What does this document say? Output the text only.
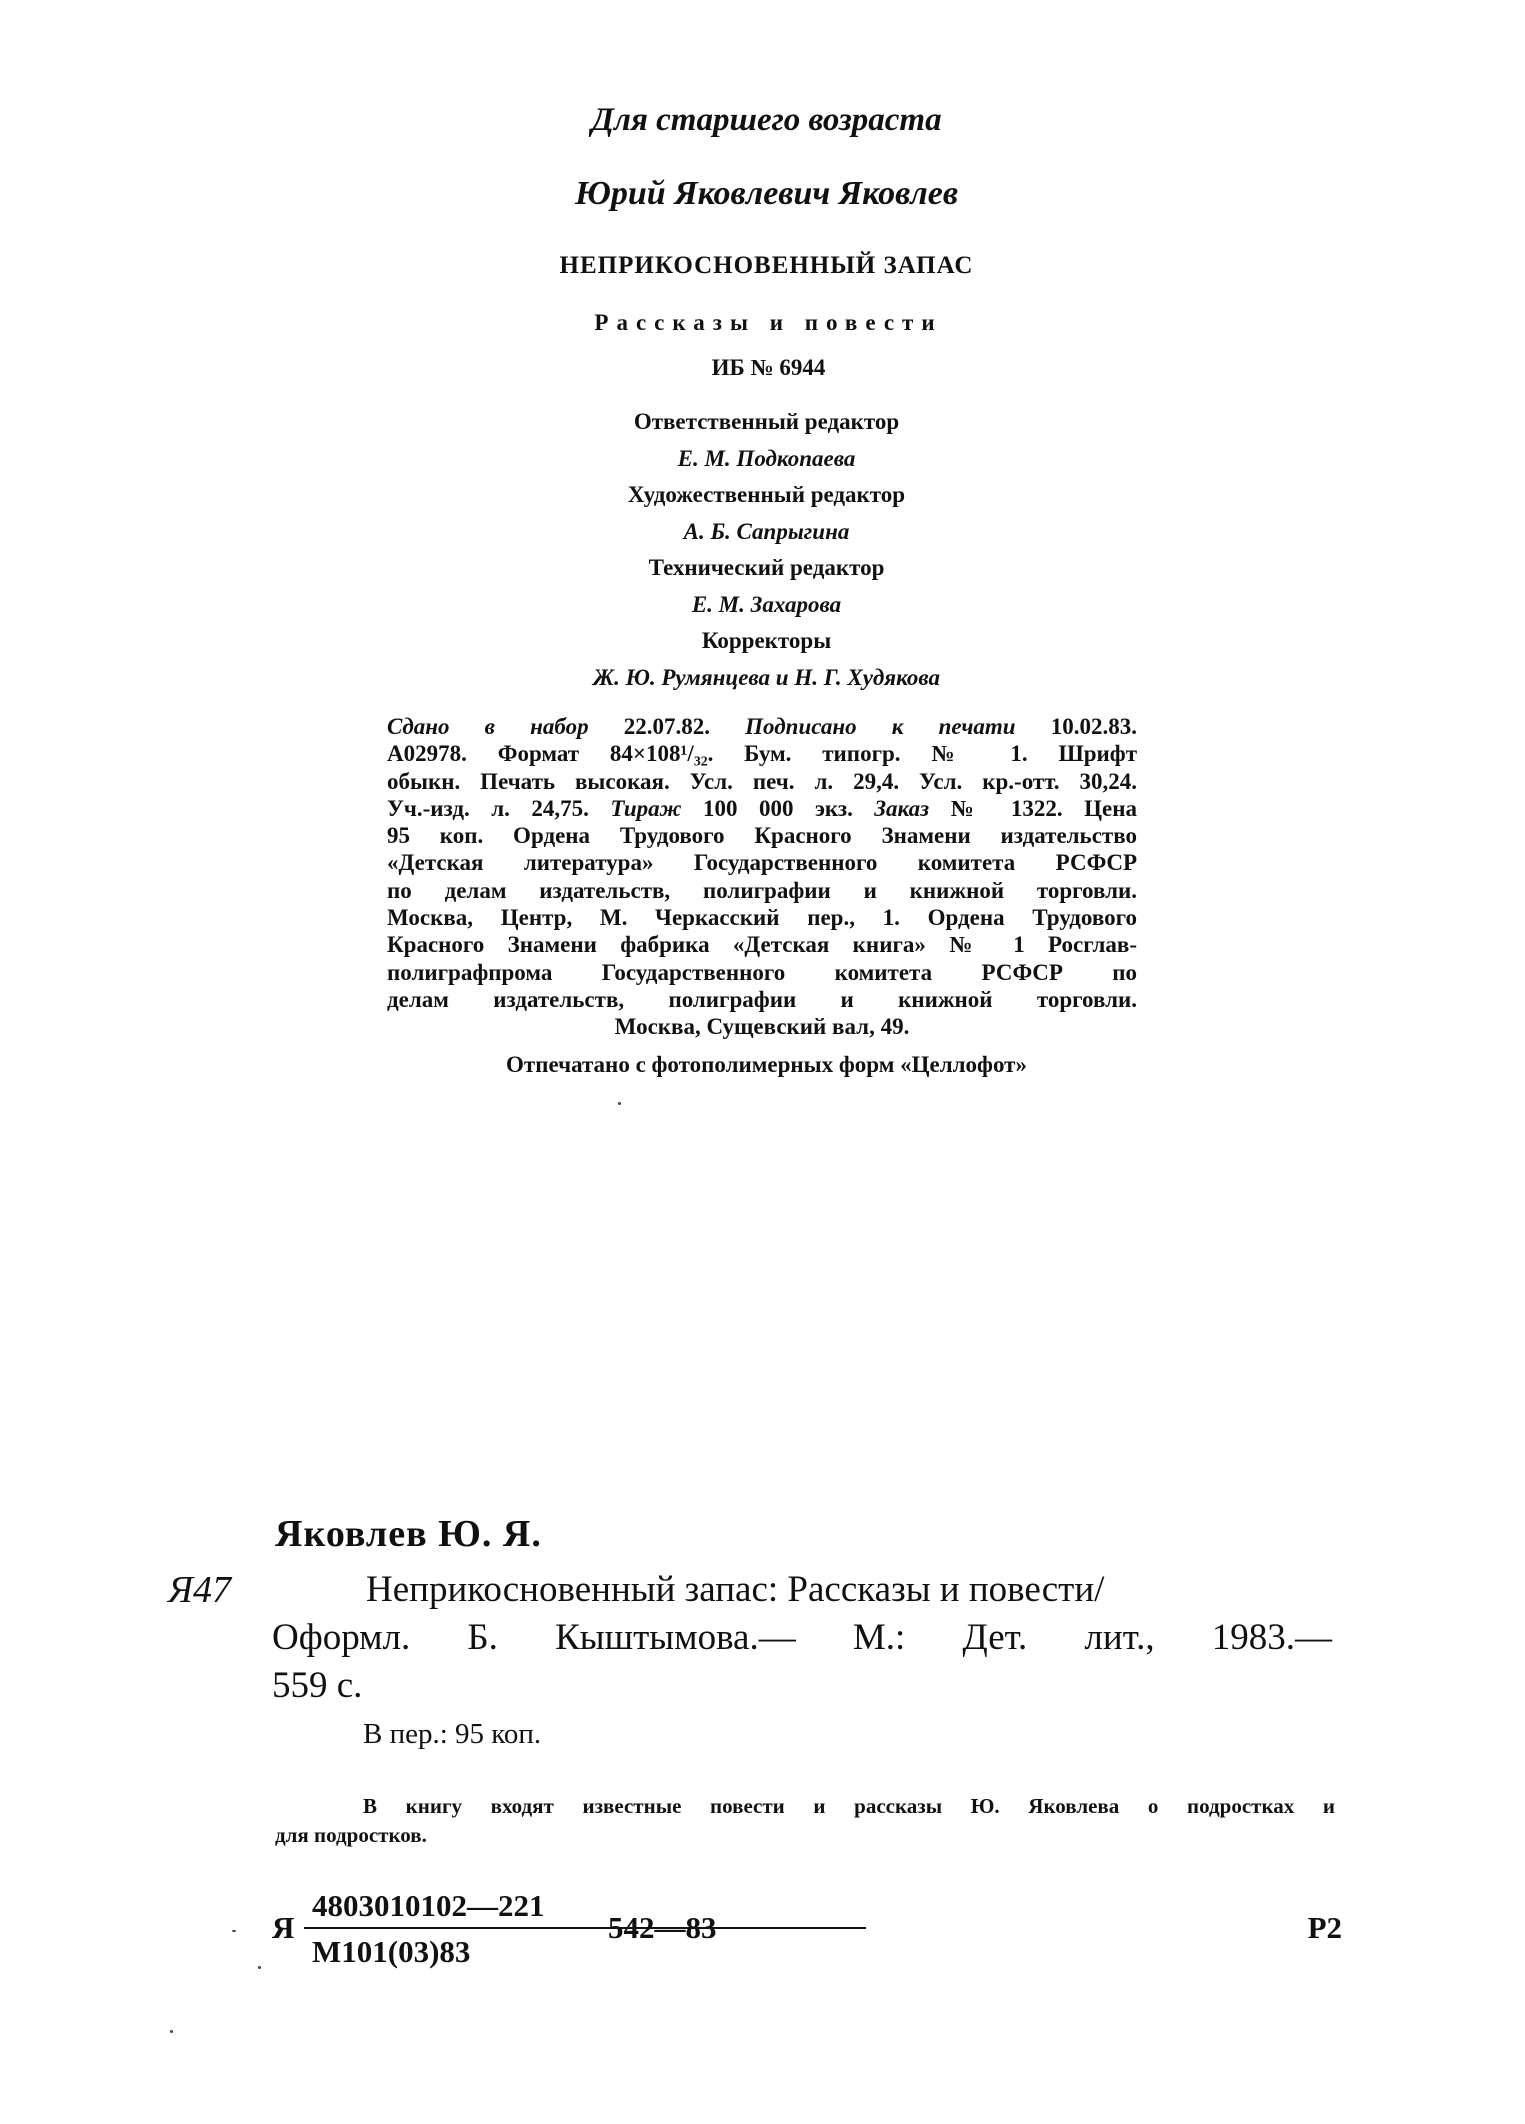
Для старшего возраста
Юрий Яковлевич Яковлев
НЕПРИКОСНОВЕННЫЙ ЗАПАС
Рассказы и повести
ИБ № 6944
Ответственный редактор
Е. М. Подкопаева
Художественный редактор
А. Б. Сапрыгина
Технический редактор
Е. М. Захарова
Корректоры
Ж. Ю. Румянцева и Н. Г. Худякова
Сдано в набор 22.07.82. Подписано к печати 10.02.83.
А02978. Формат 84×108¹/₃₂. Бум. типогр. № 1. Шрифт
обыкн. Печать высокая. Усл. печ. л. 29,4. Усл. кр.-отт. 30,24.
Уч.-изд. л. 24,75. Тираж 100 000 экз. Заказ № 1322. Цена
95 коп. Ордена Трудового Красного Знамени издательство
«Детская литература» Государственного комитета РСФСР
по делам издательств, полиграфии и книжной торговли.
Москва, Центр, М. Черкасский пер., 1. Ордена Трудового
Красного Знамени фабрика «Детская книга» № 1 Росглав-
полиграфпрома Государственного комитета РСФСР по
делам издательств, полиграфии и книжной торговли.
Москва, Сущевский вал, 49.
Отпечатано с фотополимерных форм «Целлофот»
Яковлев Ю. Я.
Я47	Неприкосновенный запас: Рассказы и повести/
Оформл. Б. Кыштымова.— М.: Дет. лит., 1983.—
559 с.
В пер.: 95 коп.
В книгу входят известные повести и рассказы Ю. Яковлева о подростках и
для подростков.
Я
4803010102—221
М101(03)83
542—83	Р2
